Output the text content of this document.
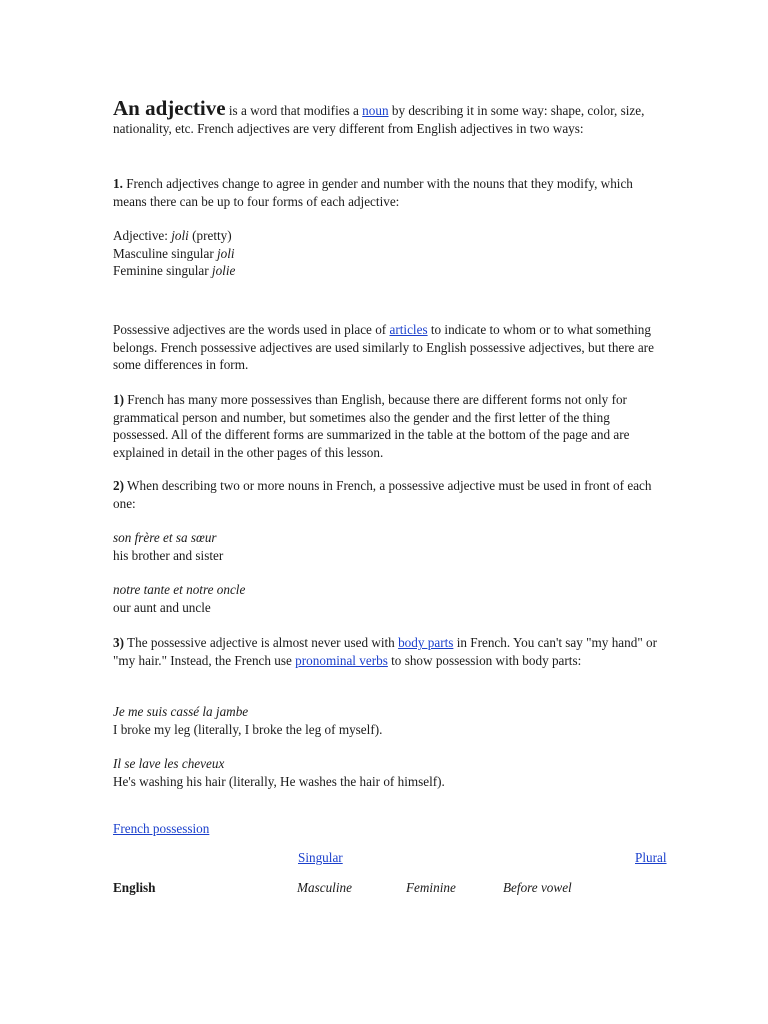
An adjective is a word that modifies a noun by describing it in some way: shape, color, size, nationality, etc. French adjectives are very different from English adjectives in two ways:

1. French adjectives change to agree in gender and number with the nouns that they modify, which means there can be up to four forms of each adjective:

Adjective: joli (pretty)
Masculine singular joli
Feminine singular jolie

Possessive adjectives are the words used in place of articles to indicate to whom or to what something belongs. French possessive adjectives are used similarly to English possessive adjectives, but there are some differences in form.

1) French has many more possessives than English, because there are different forms not only for grammatical person and number, but sometimes also the gender and the first letter of the thing possessed. All of the different forms are summarized in the table at the bottom of the page and are explained in detail in the other pages of this lesson.

2) When describing two or more nouns in French, a possessive adjective must be used in front of each one:

son frère et sa sœur
his brother and sister
notre tante et notre oncle
our aunt and uncle

3) The possessive adjective is almost never used with body parts in French. You can't say "my hand" or "my hair." Instead, the French use pronominal verbs to show possession with body parts:

Je me suis cassé la jambe
I broke my leg (literally, I broke the leg of myself).
Il se lave les cheveux
He's washing his hair (literally, He washes the hair of himself).
French possession
Singular	Plural
English	Masculine	Feminine	Before vowel
